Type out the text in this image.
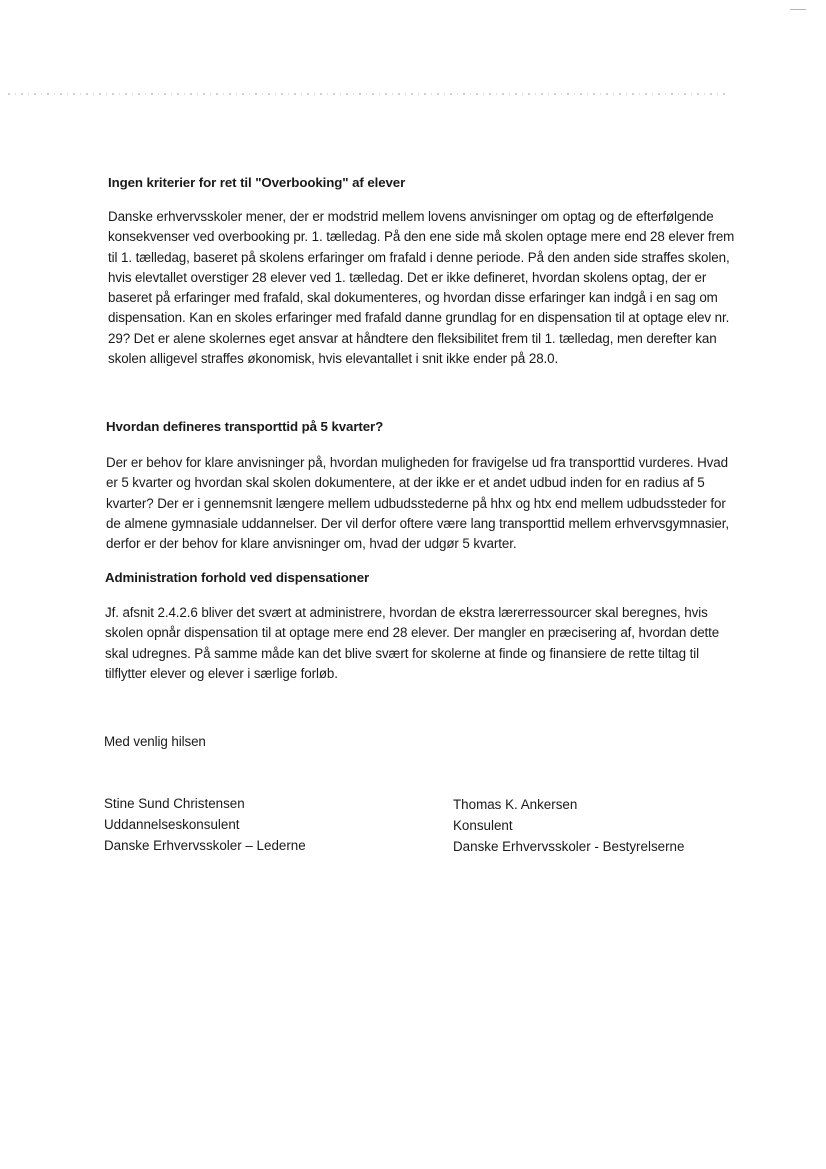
Ingen kriterier for ret til "Overbooking" af elever
Danske erhvervsskoler mener, der er modstrid mellem lovens anvisninger om optag og de efterfølgende
konsekvenser ved overbooking pr. 1. tælledag. På den ene side må skolen optage mere end 28 elever frem
til 1. tælledag, baseret på skolens erfaringer om frafald i denne periode. På den anden side straffes skolen,
hvis elevtallet overstiger 28 elever ved 1. tælledag. Det er ikke defineret, hvordan skolens optag, der er
baseret på erfaringer med frafald, skal dokumenteres, og hvordan disse erfaringer kan indgå i en sag om
dispensation. Kan en skoles erfaringer med frafald danne grundlag for en dispensation til at optage elev nr.
29? Det er alene skolernes eget ansvar at håndtere den fleksibilitet frem til 1. tælledag, men derefter kan
skolen alligevel straffes økonomisk, hvis elevantallet i snit ikke ender på 28.0.
Hvordan defineres transporttid på 5 kvarter?
Der er behov for klare anvisninger på, hvordan muligheden for fravigelse ud fra transporttid vurderes. Hvad
er 5 kvarter og hvordan skal skolen dokumentere, at der ikke er et andet udbud inden for en radius af 5
kvarter? Der er i gennemsnit længere mellem udbudsstederne på hhx og htx end mellem udbudssteder for
de almene gymnasiale uddannelser. Der vil derfor oftere være lang transporttid mellem erhvervsgymnasier,
derfor er der behov for klare anvisninger om, hvad der udgør 5 kvarter.
Administration forhold ved dispensationer
Jf. afsnit 2.4.2.6 bliver det svært at administrere, hvordan de ekstra lærerressourcer skal beregnes, hvis
skolen opnår dispensation til at optage mere end 28 elever. Der mangler en præcisering af, hvordan dette
skal udregnes. På samme måde kan det blive svært for skolerne at finde og finansiere de rette tiltag til
tilflytter elever og elever i særlige forløb.

Med venlig hilsen

Stine Sund Christensen
Uddannelseskonsulent
Danske Erhvervsskoler – Lederne
Thomas K. Ankersen
Konsulent
Danske Erhvervsskoler - Bestyrelserne
